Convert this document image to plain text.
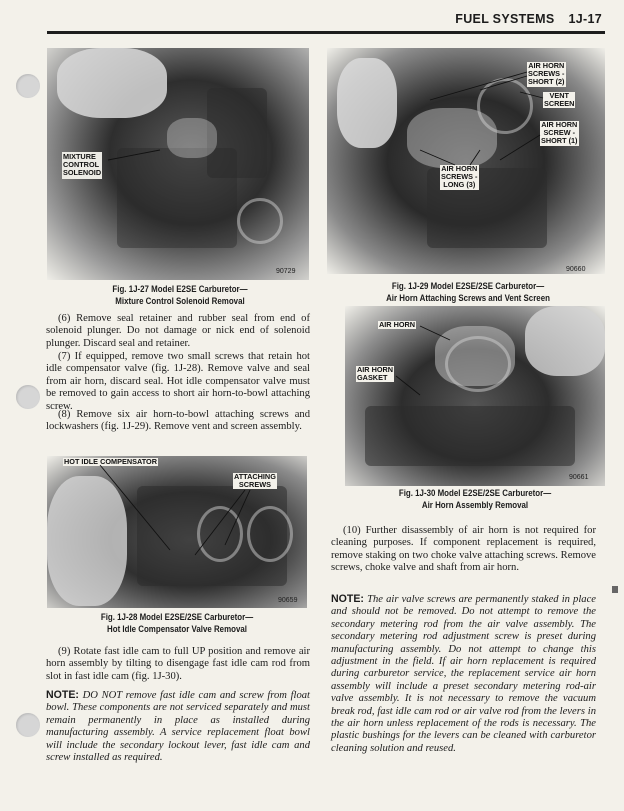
FUEL SYSTEMS 1J-17
MIXTURE
CONTROL
SOLENOID
90729
Fig. 1J-27 Model E2SE Carburetor—
Mixture Control Solenoid Removal
AIR HORN
SCREWS -
SHORT (2)
VENT
SCREEN
AIR HORN
SCREW -
SHORT (1)
AIR HORN
SCREWS -
LONG (3)
90660
Fig. 1J-29 Model E2SE/2SE Carburetor—
Air Horn Attaching Screws and Vent Screen
AIR HORN
AIR HORN
GASKET
90661
Fig. 1J-30 Model E2SE/2SE Carburetor—
Air Horn Assembly Removal
HOT IDLE COMPENSATOR
ATTACHING
SCREWS
90659
Fig. 1J-28 Model E2SE/2SE Carburetor—
Hot Idle Compensator Valve Removal

(6) Remove seal retainer and rubber seal from end of solenoid plunger. Do not damage or nick end of solenoid plunger. Discard seal and retainer.

(7) If equipped, remove two small screws that retain hot idle compensator valve (fig. 1J-28). Remove valve and seal from air horn, discard seal. Hot idle compensator valve must be removed to gain access to short air horn-to-bowl attaching screw.

(8) Remove six air horn-to-bowl attaching screws and lockwashers (fig. 1J-29). Remove vent and screen assembly.

(9) Rotate fast idle cam to full UP position and remove air horn assembly by tilting to disengage fast idle cam rod from slot in fast idle cam (fig. 1J-30).

NOTE: DO NOT remove fast idle cam and screw from float bowl. These components are not serviced separately and must remain permanently in place as installed during manufacturing assembly. A service replacement float bowl will include the secondary lockout lever, fast idle cam and screw installed as required.

(10) Further disassembly of air horn is not required for cleaning purposes. If component replacement is required, remove staking on two choke valve attaching screws. Remove screws, choke valve and shaft from air horn.

NOTE: The air valve screws are permanently staked in place and should not be removed. Do not attempt to remove the secondary metering rod from the air valve assembly. The secondary metering rod adjustment screw is preset during manufacturing assembly. Do not attempt to change this adjustment in the field. If air horn replacement is required during carburetor service, the replacement service air horn assembly will include a preset secondary metering rod-air valve assembly. It is not necessary to remove the vacuum break rod, fast idle cam rod or air valve rod from the levers in the air horn unless replacement of the rods is necessary. The plastic bushings for the levers can be cleaned with carburetor cleaning solution and reused.
